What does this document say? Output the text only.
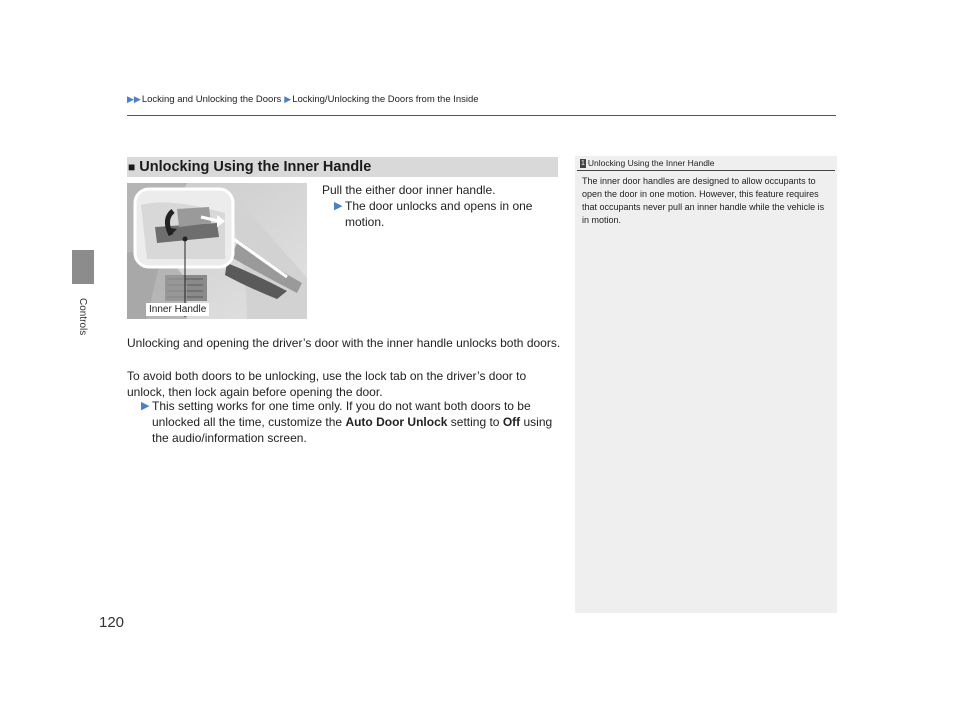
▶▶Locking and Unlocking the Doors ▶Locking/Unlocking the Doors from the Inside
Controls
120
■ Unlocking Using the Inner Handle
Inner Handle
Pull the either door inner handle.
▶ The door unlocks and opens in one motion.
Unlocking and opening the driver’s door with the inner handle unlocks both doors.
To avoid both doors to be unlocking, use the lock tab on the driver’s door to unlock, then lock again before opening the door.
▶ This setting works for one time only. If you do not want both doors to be unlocked all the time, customize the Auto Door Unlock setting to Off using the audio/information screen.
1 Unlocking Using the Inner Handle
The inner door handles are designed to allow occupants to open the door in one motion. However, this feature requires that occupants never pull an inner handle while the vehicle is in motion.
